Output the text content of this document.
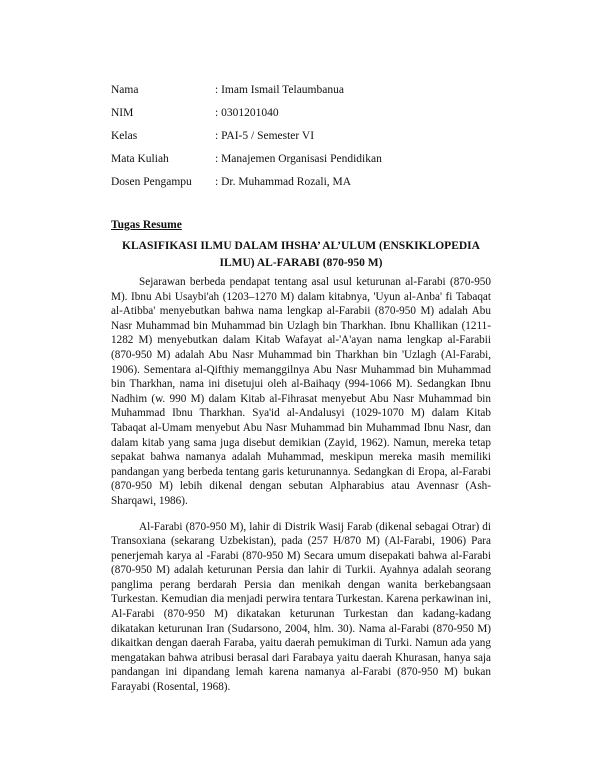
Nama	: Imam Ismail Telaumbanua
NIM	: 0301201040
Kelas	: PAI-5 / Semester VI
Mata Kuliah	: Manajemen Organisasi Pendidikan
Dosen Pengampu	: Dr. Muhammad Rozali, MA
Tugas Resume
KLASIFIKASI ILMU DALAM IHSHA’ AL’ULUM (ENSKIKLOPEDIA ILMU) AL-FARABI (870-950 M)

Sejarawan berbeda pendapat tentang asal usul keturunan al-Farabi (870-950 M). Ibnu Abi Usaybi'ah (1203–1270 M) dalam kitabnya, 'Uyun al-Anba' fi Tabaqat al-Atibba' menyebutkan bahwa nama lengkap al-Farabii (870-950 M) adalah Abu Nasr Muhammad bin Muhammad bin Uzlagh bin Tharkhan. Ibnu Khallikan (1211-1282 M) menyebutkan dalam Kitab Wafayat al-'A'ayan nama lengkap al-Farabii (870-950 M) adalah Abu Nasr Muhammad bin Tharkhan bin 'Uzlagh (Al-Farabi, 1906). Sementara al-Qifthiy memanggilnya Abu Nasr Muhammad bin Muhammad bin Tharkhan, nama ini disetujui oleh al-Baihaqy (994-1066 M). Sedangkan Ibnu Nadhim (w. 990 M) dalam Kitab al-Fihrasat menyebut Abu Nasr Muhammad bin Muhammad Ibnu Tharkhan. Sya'id al-Andalusyi (1029-1070 M) dalam Kitab Tabaqat al-Umam menyebut Abu Nasr Muhammad bin Muhammad Ibnu Nasr, dan dalam kitab yang sama juga disebut demikian (Zayid, 1962). Namun, mereka tetap sepakat bahwa namanya adalah Muhammad, meskipun mereka masih memiliki pandangan yang berbeda tentang garis keturunannya. Sedangkan di Eropa, al-Farabi (870-950 M) lebih dikenal dengan sebutan Alpharabius atau Avennasr (Ash-Sharqawi, 1986).

Al-Farabi (870-950 M), lahir di Distrik Wasij Farab (dikenal sebagai Otrar) di Transoxiana (sekarang Uzbekistan), pada (257 H/870 M) (Al-Farabi, 1906) Para penerjemah karya al -Farabi (870-950 M) Secara umum disepakati bahwa al-Farabi (870-950 M) adalah keturunan Persia dan lahir di Turkii. Ayahnya adalah seorang panglima perang berdarah Persia dan menikah dengan wanita berkebangsaan Turkestan. Kemudian dia menjadi perwira tentara Turkestan. Karena perkawinan ini, Al-Farabi (870-950 M) dikatakan keturunan Turkestan dan kadang-kadang dikatakan keturunan Iran (Sudarsono, 2004, hlm. 30). Nama al-Farabi (870-950 M) dikaitkan dengan daerah Faraba, yaitu daerah pemukiman di Turki. Namun ada yang mengatakan bahwa atribusi berasal dari Farabaya yaitu daerah Khurasan, hanya saja pandangan ini dipandang lemah karena namanya al-Farabi (870-950 M) bukan Farayabi (Rosental, 1968).
